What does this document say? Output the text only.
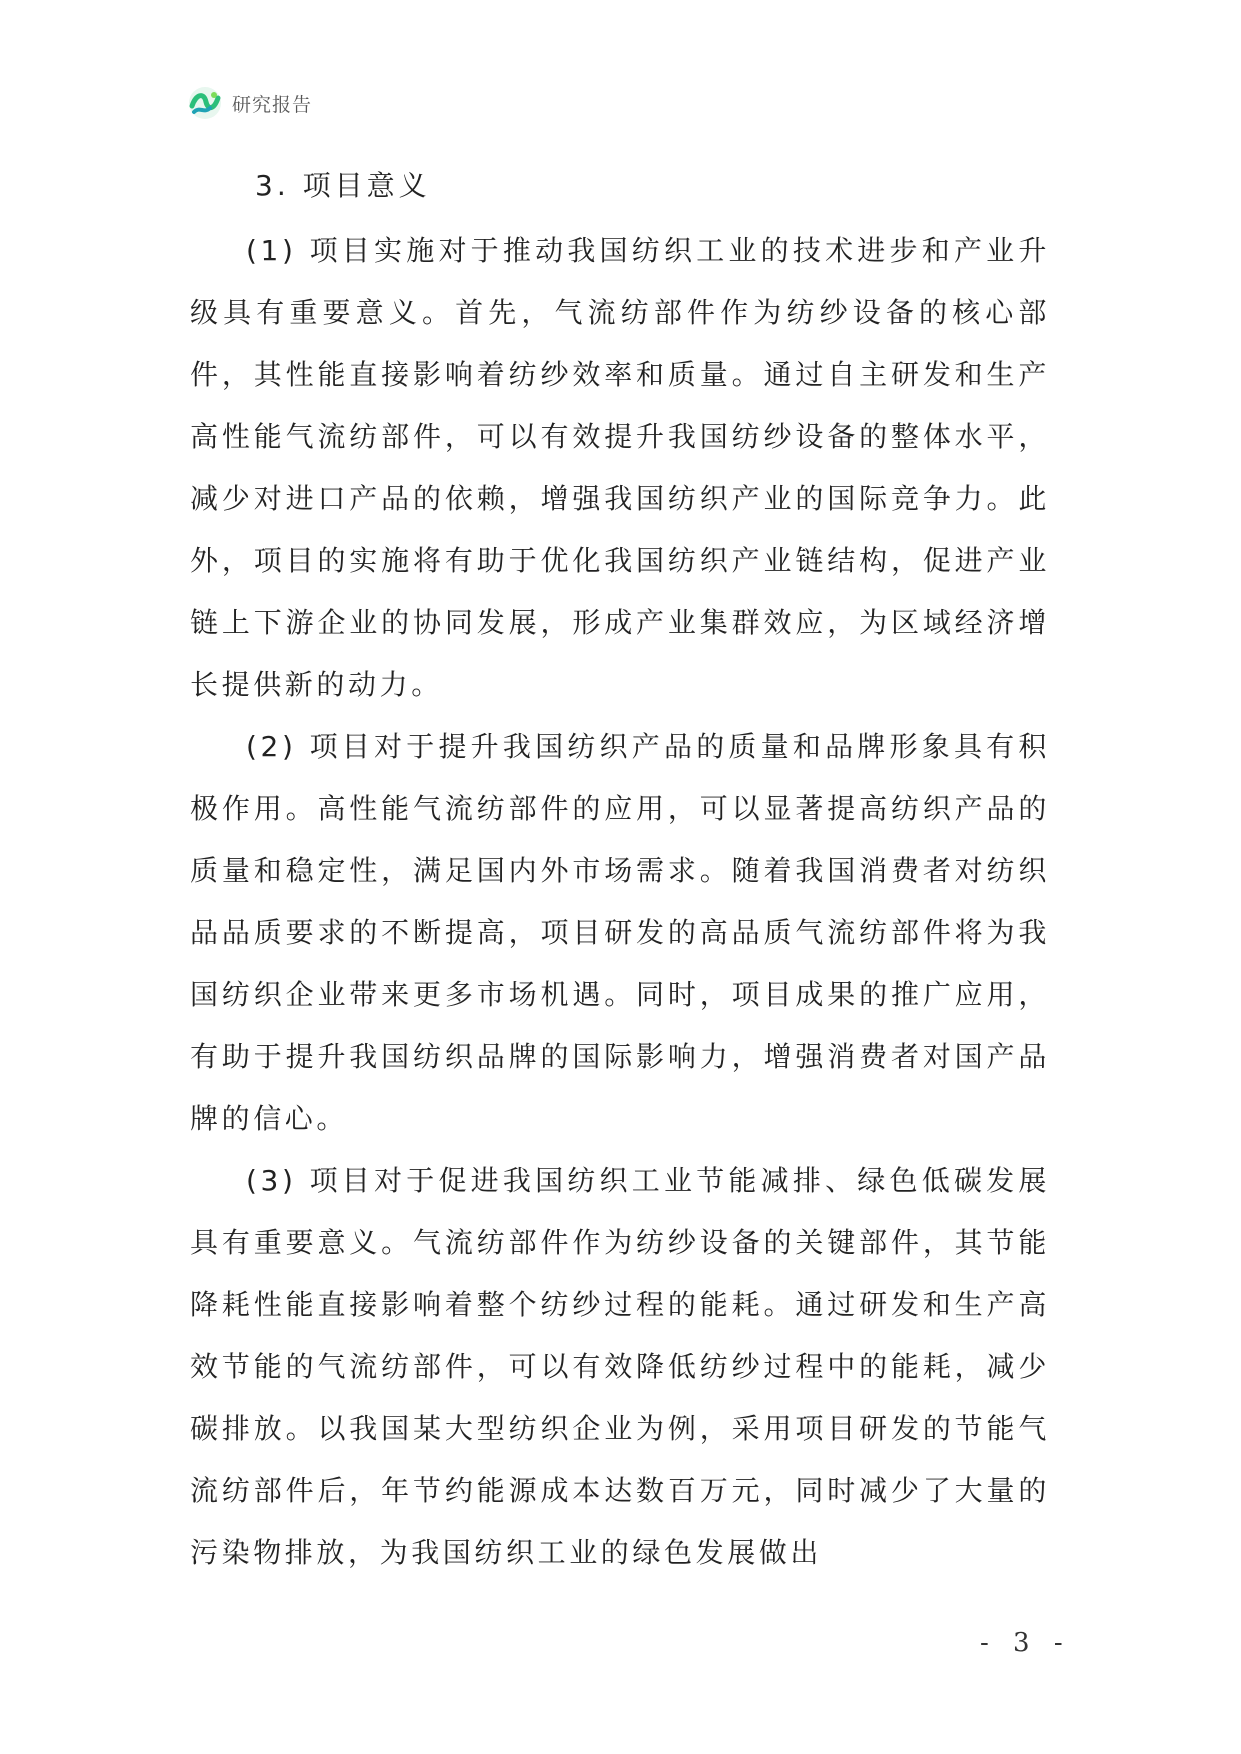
研究报告
3. 项目意义

(1) 项目实施对于推动我国纺织工业的技术进步和产业升级具有重要意义。首先，气流纺部件作为纺纱设备的核心部件，其性能直接影响着纺纱效率和质量。通过自主研发和生产高性能气流纺部件，可以有效提升我国纺纱设备的整体水平，减少对进口产品的依赖，增强我国纺织产业的国际竞争力。此外，项目的实施将有助于优化我国纺织产业链结构，促进产业链上下游企业的协同发展，形成产业集群效应，为区域经济增长提供新的动力。

(2) 项目对于提升我国纺织产品的质量和品牌形象具有积极作用。高性能气流纺部件的应用，可以显著提高纺织产品的质量和稳定性，满足国内外市场需求。随着我国消费者对纺织品品质要求的不断提高，项目研发的高品质气流纺部件将为我国纺织企业带来更多市场机遇。同时，项目成果的推广应用，有助于提升我国纺织品牌的国际影响力，增强消费者对国产品牌的信心。

(3) 项目对于促进我国纺织工业节能减排、绿色低碳发展具有重要意义。气流纺部件作为纺纱设备的关键部件，其节能降耗性能直接影响着整个纺纱过程的能耗。通过研发和生产高效节能的气流纺部件，可以有效降低纺纱过程中的能耗，减少碳排放。以我国某大型纺织企业为例，采用项目研发的节能气流纺部件后，年节约能源成本达数百万元，同时减少了大量的污染物排放，为我国纺织工业的绿色发展做出

- 3 -
